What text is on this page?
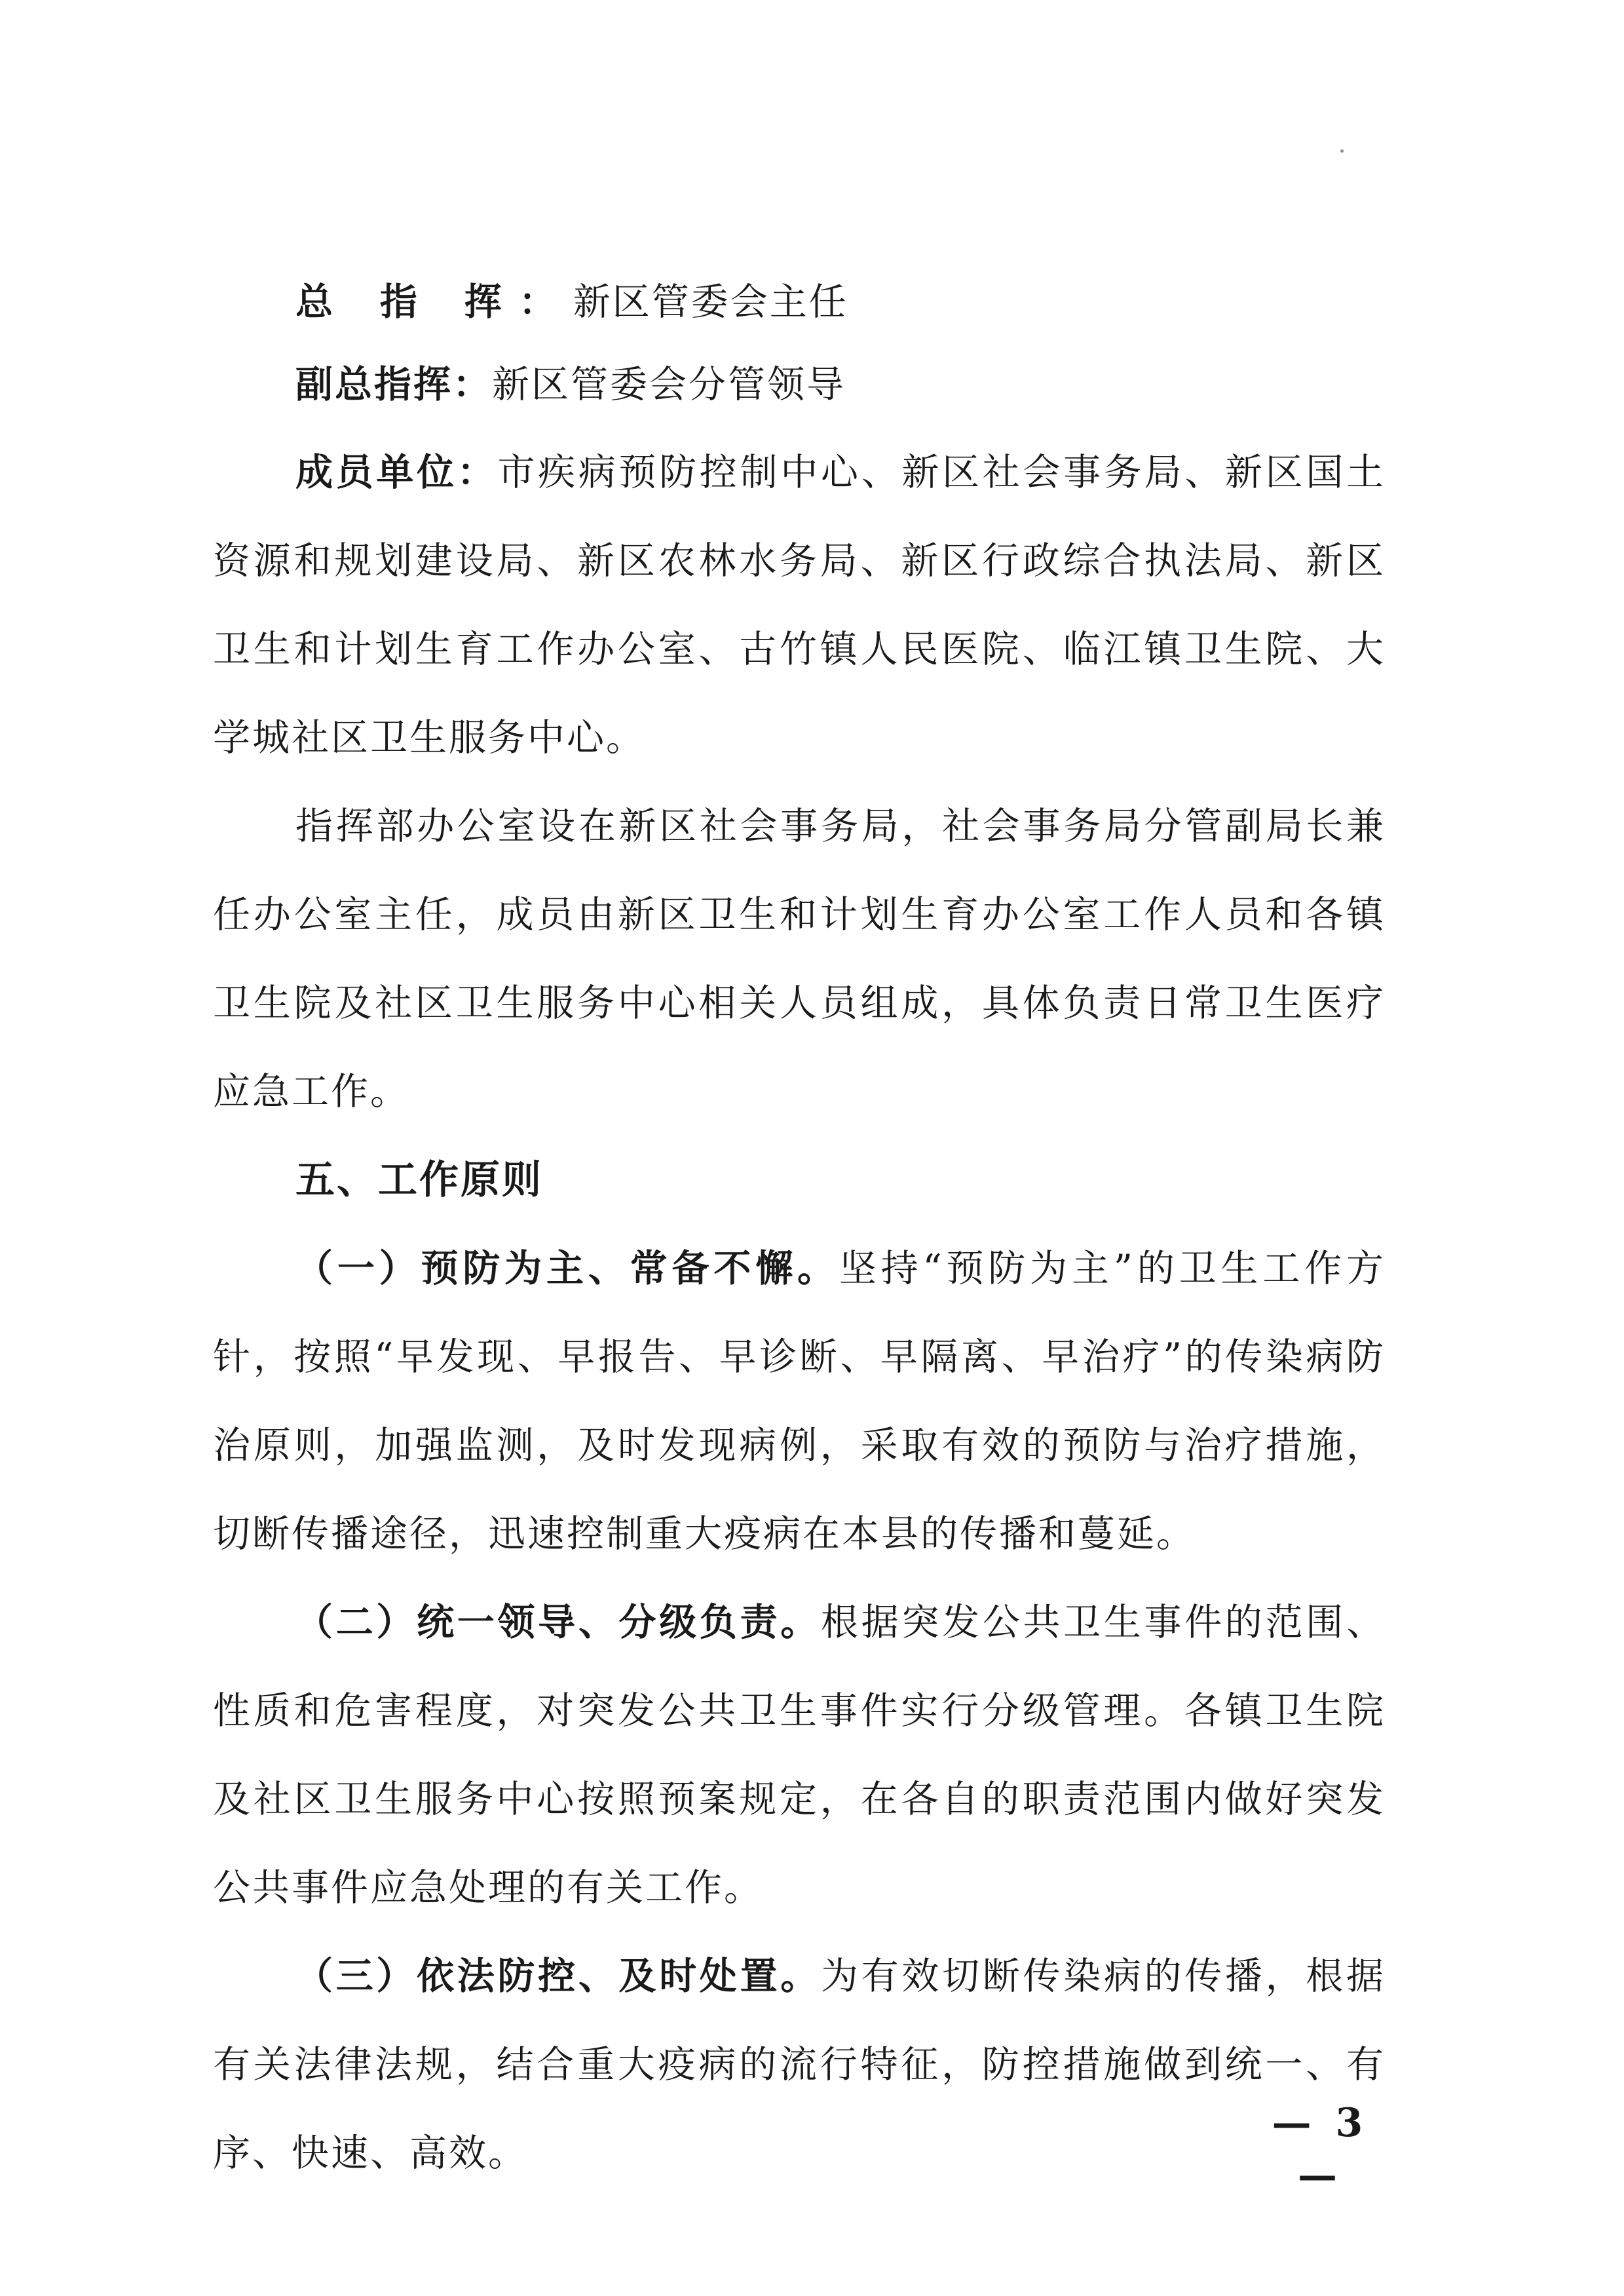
总 指 挥：新区管委会主任

副总指挥：新区管委会分管领导

成员单位：市疾病预防控制中心、新区社会事务局、新区国土资源和规划建设局、新区农林水务局、新区行政综合执法局、新区卫生和计划生育工作办公室、古竹镇人民医院、临江镇卫生院、大学城社区卫生服务中心。

指挥部办公室设在新区社会事务局，社会事务局分管副局长兼任办公室主任，成员由新区卫生和计划生育办公室工作人员和各镇卫生院及社区卫生服务中心相关人员组成，具体负责日常卫生医疗应急工作。

五、工作原则

（一）预防为主、常备不懈。坚持“预防为主”的卫生工作方针，按照“早发现、早报告、早诊断、早隔离、早治疗”的传染病防治原则，加强监测，及时发现病例，采取有效的预防与治疗措施，切断传播途径，迅速控制重大疫病在本县的传播和蔓延。

（二）统一领导、分级负责。根据突发公共卫生事件的范围、性质和危害程度，对突发公共卫生事件实行分级管理。各镇卫生院及社区卫生服务中心按照预案规定，在各自的职责范围内做好突发公共事件应急处理的有关工作。

（三）依法防控、及时处置。为有效切断传染病的传播，根据有关法律法规，结合重大疫病的流行特征，防控措施做到统一、有序、快速、高效。

— 3 —
